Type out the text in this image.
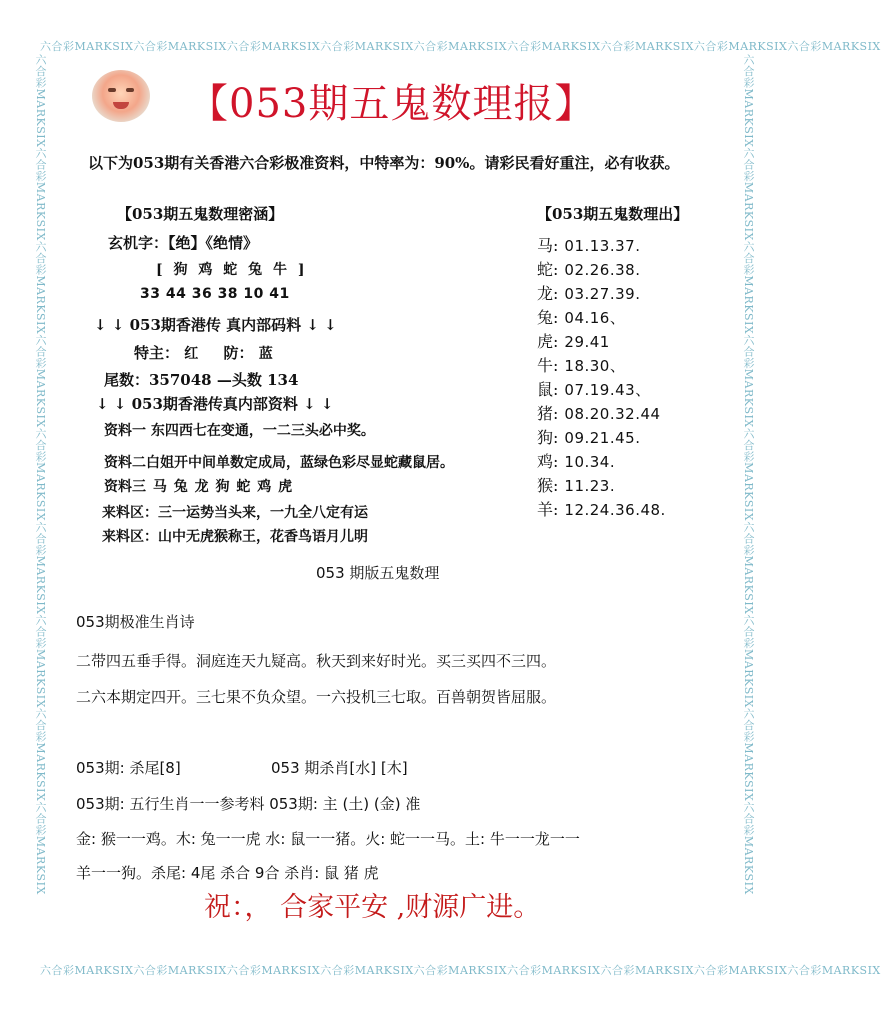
六合彩MARKSIX六合彩MARKSIX六合彩MARKSIX六合彩MARKSIX六合彩MARKSIX六合彩MARKSIX六合彩MARKSIX六合彩MARKSIX六合彩MARKSIX
六合彩MARKSIX六合彩MARKSIX六合彩MARKSIX六合彩MARKSIX六合彩MARKSIX六合彩MARKSIX六合彩MARKSIX六合彩MARKSIX六合彩MARKSIX
六合彩MARKSIX六合彩MARKSIX六合彩MARKSIX六合彩MARKSIX六合彩MARKSIX六合彩MARKSIX六合彩MARKSIX六合彩MARKSIX六合彩MARKSIX	六合彩MARKSIX六合彩MARKSIX六合彩MARKSIX六合彩MARKSIX六合彩MARKSIX六合彩MARKSIX六合彩MARKSIX六合彩MARKSIX六合彩MARKSIX
【053期五鬼数理报】
以下为053期有关香港六合彩极准资料，中特率为：90%。请彩民看好重注，必有收获。
【053期五鬼数理密涵】
玄机字：【绝】《绝情》
[ 狗 鸡 蛇 兔 牛 ]
33 44 36 38 10 41
↓ ↓ 053期香港传 真内部码料 ↓ ↓
特主： 红 防： 蓝
尾数：357048 —头数 134
↓ ↓ 053期香港传真内部资料 ↓ ↓
资料一 东四西七在变通，一二三头必中奖。
资料二白姐开中间单数定成局，蓝绿色彩尽显蛇藏鼠居。
资料三 马 兔 龙 狗 蛇 鸡 虎
来料区：三一运势当头来，一九全八定有运
来料区：山中无虎猴称王，花香鸟语月儿明
【053期五鬼数理出】
马: 01.13.37.
蛇: 02.26.38.
龙: 03.27.39.
兔: 04.16、
虎: 29.41
牛: 18.30、
鼠: 07.19.43、
猪: 08.20.32.44
狗: 09.21.45.
鸡: 10.34.
猴: 11.23.
羊: 12.24.36.48.
053 期版五鬼数理
053期极准生肖诗
二带四五垂手得。洞庭连天九疑高。秋天到来好时光。买三买四不三四。
二六本期定四开。三七果不负众望。一六投机三七取。百兽朝贺皆屈服。
053期: 杀尾[8]	053 期杀肖[水] [木]
053期: 五行生肖一一参考料 053期: 主 (土) (金) 准
金: 猴一一鸡。木: 兔一一虎 水: 鼠一一猪。火: 蛇一一马。土: 牛一一龙一一
羊一一狗。杀尾: 4尾 杀合 9合 杀肖: 鼠 猪 虎
祝：， 合家平安 ,财源广进。
